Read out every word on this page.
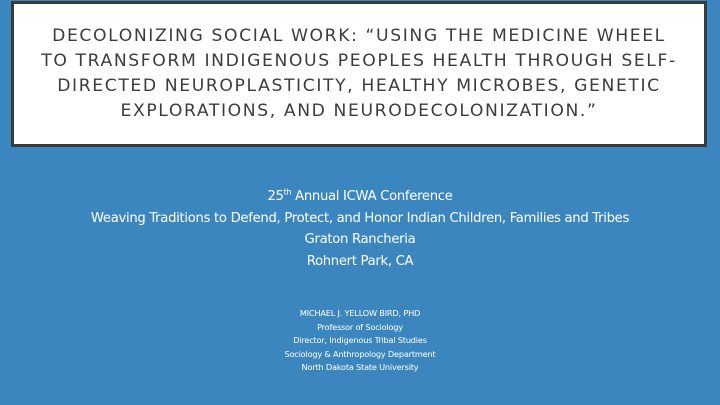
DECOLONIZING SOCIAL WORK: “USING THE MEDICINE WHEEL TO TRANSFORM INDIGENOUS PEOPLES HEALTH THROUGH SELF-DIRECTED NEUROPLASTICITY, HEALTHY MICROBES, GENETIC EXPLORATIONS, AND NEURODECOLONIZATION.”
25th Annual ICWA Conference
Weaving Traditions to Defend, Protect, and Honor Indian Children, Families and Tribes
Graton Rancheria
Rohnert Park, CA
MICHAEL J. YELLOW BIRD, PHD
Professor of Sociology
Director, Indigenous Tribal Studies
Sociology & Anthropology Department
North Dakota State University
